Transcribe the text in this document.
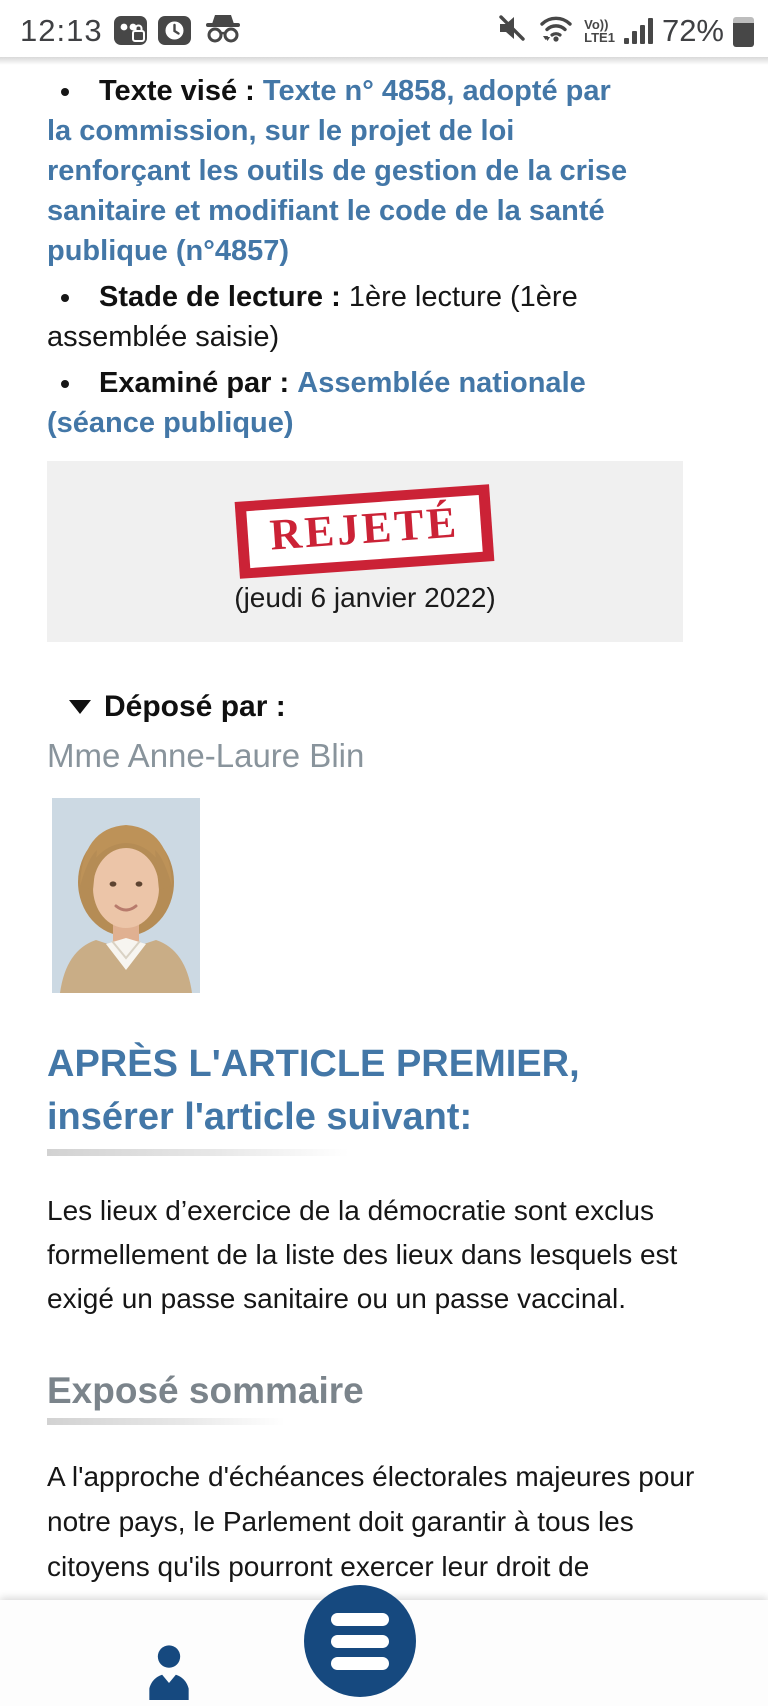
12:13	Vo))
LTE1 72%
• Texte visé : Texte n° 4858, adopté par la commission, sur le projet de loi renforçant les outils de gestion de la crise sanitaire et modifiant le code de la santé publique (n°4857)
• Stade de lecture : 1ère lecture (1ère assemblée saisie)
• Examiné par : Assemblée nationale (séance publique)
REJETÉ
(jeudi 6 janvier 2022)
Déposé par :
Mme Anne-Laure Blin
APRÈS L'ARTICLE PREMIER, insérer l'article suivant:

Les lieux d’exercice de la démocratie sont exclus formellement de la liste des lieux dans lesquels est exigé un passe sanitaire ou un passe vaccinal.

Exposé sommaire

A l'approche d'échéances électorales majeures pour notre pays, le Parlement doit garantir à tous les citoyens qu'ils pourront exercer leur droit de
